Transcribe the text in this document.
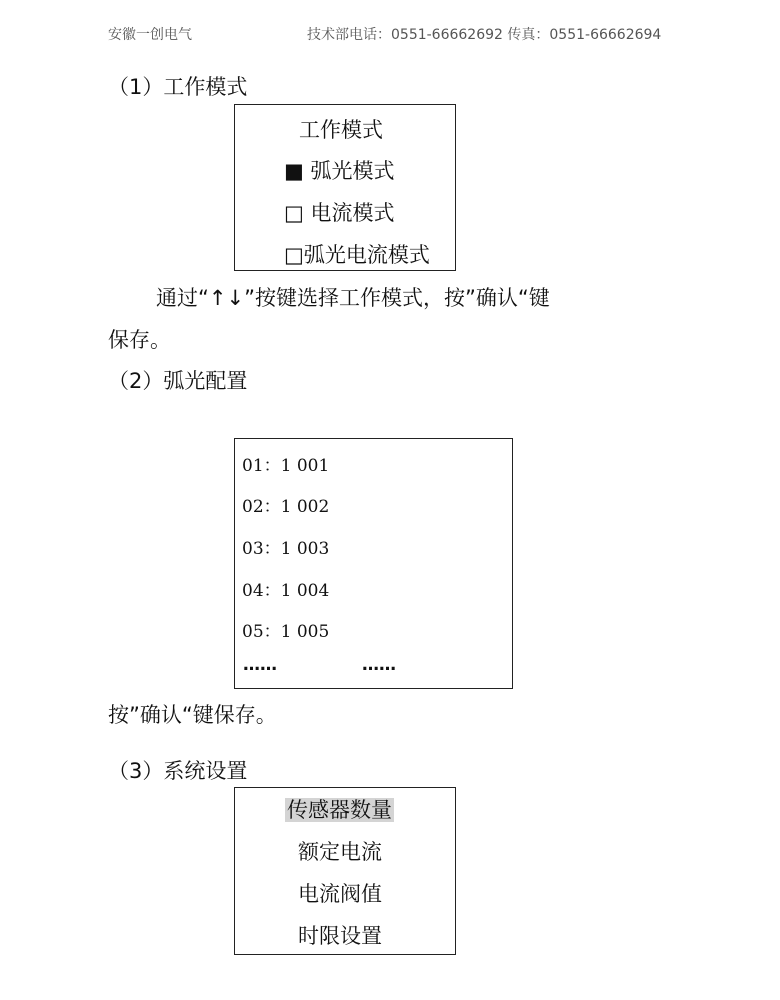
安徽一创电气	技术部电话：0551-66662692 传真：0551-66662694
（1）工作模式
工作模式
■ 弧光模式
□ 电流模式
□弧光电流模式
通过“↑↓”按键选择工作模式，按”确认“键
保存。
（2）弧光配置
01：1 001
02：1 002
03：1 003
04：1 004
05：1 005
……	……
按”确认“键保存。
（3）系统设置
传感器数量
额定电流
电流阀值
时限设置
